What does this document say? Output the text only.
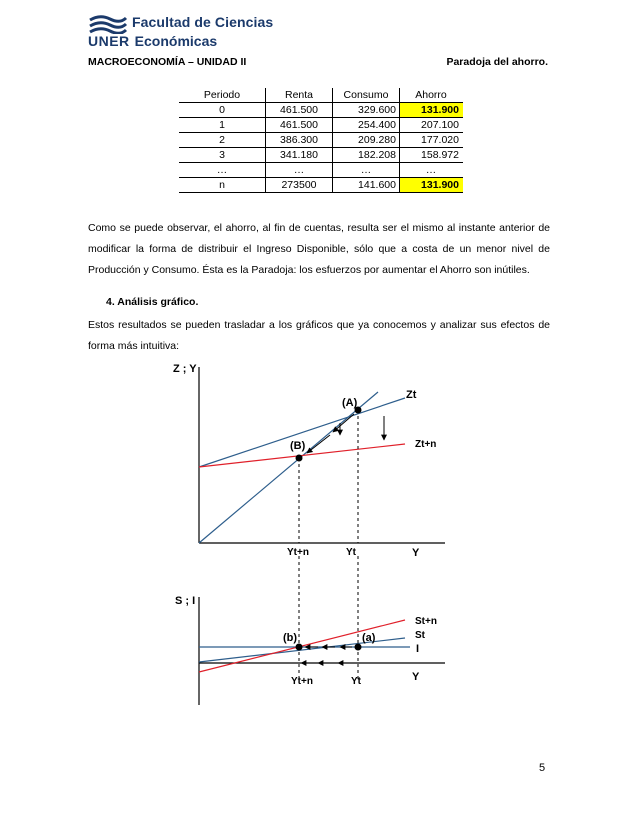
Facultad de Ciencias
UNER Económicas
MACROECONOMÍA – UNIDAD II	Paradoja del ahorro.
Periodo	Renta	Consumo	Ahorro
0	461.500	329.600	131.900
1	461.500	254.400	207.100
2	386.300	209.280	177.020
3	341.180	182.208	158.972
…	…	…	…
n	273500	141.600	131.900
Como se puede observar, el ahorro, al fin de cuentas, resulta ser el mismo al instante anterior de modificar la forma de distribuir el Ingreso Disponible, sólo que a costa de un menor nivel de Producción y Consumo. Ésta es la Paradoja: los esfuerzos por aumentar el Ahorro son inútiles.
4. Análisis gráfico.
Estos resultados se pueden trasladar a los gráficos que ya conocemos y analizar sus efectos de forma más intuitiva:
Z ; Y
Y
Zt
Zt+n
(A)
(B)
Yt+n	Yt
S ; I
Y
St+n
St
I
(b)	(a)
Yt+n	Yt
5
